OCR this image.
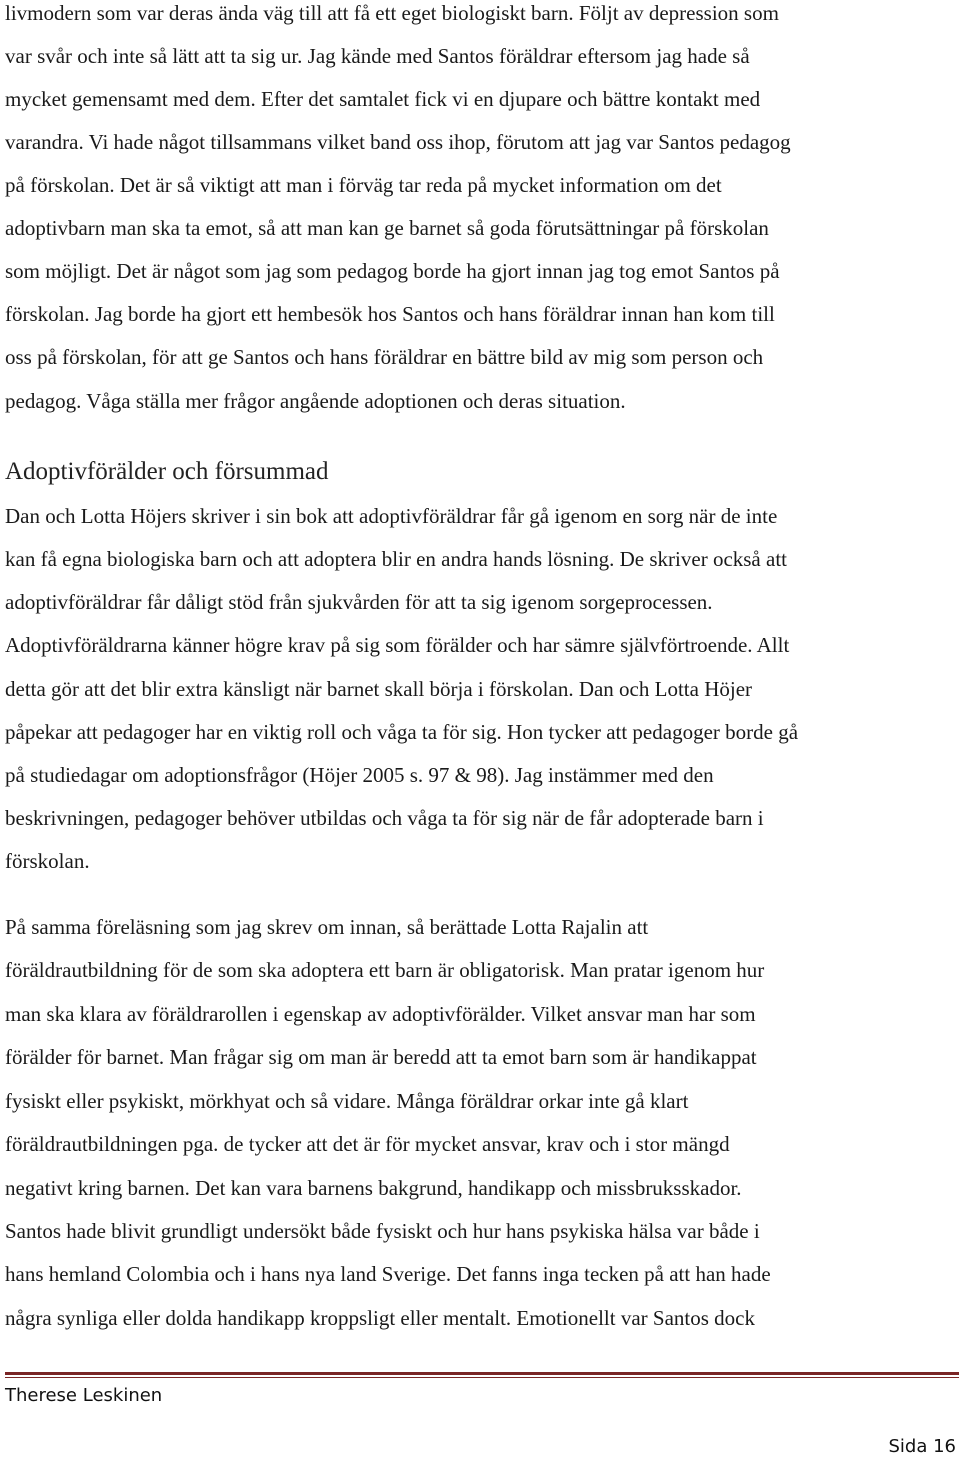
livmodern som var deras ända väg till att få ett eget biologiskt barn. Följt av depression som
var svår och inte så lätt att ta sig ur. Jag kände med Santos föräldrar eftersom jag hade så
mycket gemensamt med dem. Efter det samtalet fick vi en djupare och bättre kontakt med
varandra. Vi hade något tillsammans vilket band oss ihop, förutom att jag var Santos pedagog
på förskolan. Det är så viktigt att man i förväg tar reda på mycket information om det
adoptivbarn man ska ta emot, så att man kan ge barnet så goda förutsättningar på förskolan
som möjligt. Det är något som jag som pedagog borde ha gjort innan jag tog emot Santos på
förskolan. Jag borde ha gjort ett hembesök hos Santos och hans föräldrar innan han kom till
oss på förskolan, för att ge Santos och hans föräldrar en bättre bild av mig som person och
pedagog. Våga ställa mer frågor angående adoptionen och deras situation.
Adoptivförälder och försummad
Dan och Lotta Höjers skriver i sin bok att adoptivföräldrar får gå igenom en sorg när de inte
kan få egna biologiska barn och att adoptera blir en andra hands lösning. De skriver också att
adoptivföräldrar får dåligt stöd från sjukvården för att ta sig igenom sorgeprocessen.
Adoptivföräldrarna känner högre krav på sig som förälder och har sämre självförtroende. Allt
detta gör att det blir extra känsligt när barnet skall börja i förskolan. Dan och Lotta Höjer
påpekar att pedagoger har en viktig roll och våga ta för sig. Hon tycker att pedagoger borde gå
på studiedagar om adoptionsfrågor (Höjer 2005 s. 97 & 98). Jag instämmer med den
beskrivningen, pedagoger behöver utbildas och våga ta för sig när de får adopterade barn i
förskolan.
På samma föreläsning som jag skrev om innan, så berättade Lotta Rajalin att
föräldrautbildning för de som ska adoptera ett barn är obligatorisk. Man pratar igenom hur
man ska klara av föräldrarollen i egenskap av adoptivförälder. Vilket ansvar man har som
förälder för barnet. Man frågar sig om man är beredd att ta emot barn som är handikappat
fysiskt eller psykiskt, mörkhyat och så vidare. Många föräldrar orkar inte gå klart
föräldrautbildningen pga. de tycker att det är för mycket ansvar, krav och i stor mängd
negativt kring barnen. Det kan vara barnens bakgrund, handikapp och missbruksskador.
Santos hade blivit grundligt undersökt både fysiskt och hur hans psykiska hälsa var både i
hans hemland Colombia och i hans nya land Sverige. Det fanns inga tecken på att han hade
några synliga eller dolda handikapp kroppsligt eller mentalt. Emotionellt var Santos dock
Therese Leskinen
Sida 16
